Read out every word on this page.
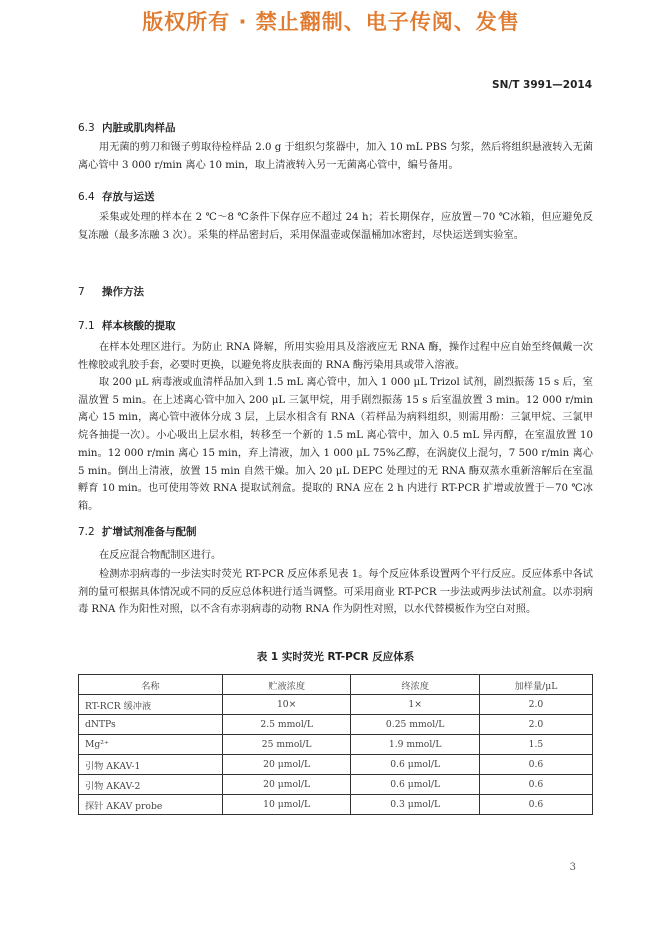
版权所有 · 禁止翻制、电子传阅、发售
SN/T 3991—2014
6.3 内脏或肌肉样品

用无菌的剪刀和镊子剪取待检样品 2.0 g 于组织匀浆器中，加入 10 mL PBS 匀浆，然后将组织悬液转入无菌离心管中 3 000 r/min 离心 10 min，取上清液转入另一无菌离心管中，编号备用。

6.4 存放与运送

采集或处理的样本在 2 ℃～8 ℃条件下保存应不超过 24 h；若长期保存，应放置－70 ℃冰箱，但应避免反复冻融（最多冻融 3 次）。采集的样品密封后，采用保温壶或保温桶加冰密封，尽快运送到实验室。

7 操作方法
7.1 样本核酸的提取

在样本处理区进行。为防止 RNA 降解，所用实验用具及溶液应无 RNA 酶，操作过程中应自始至终佩戴一次性橡胶或乳胶手套，必要时更换，以避免将皮肤表面的 RNA 酶污染用具或带入溶液。

取 200 μL 病毒液或血清样品加入到 1.5 mL 离心管中，加入 1 000 μL Trizol 试剂，剧烈振荡 15 s 后，室温放置 5 min。在上述离心管中加入 200 μL 三氯甲烷，用手剧烈振荡 15 s 后室温放置 3 min。12 000 r/min 离心 15 min，离心管中液体分成 3 层，上层水相含有 RNA（若样品为病料组织，则需用酚：三氯甲烷、三氯甲烷各抽提一次）。小心吸出上层水相，转移至一个新的 1.5 mL 离心管中，加入 0.5 mL 异丙醇，在室温放置 10 min。12 000 r/min 离心 15 min，弃上清液，加入 1 000 μL 75%乙醇，在涡旋仪上混匀，7 500 r/min 离心 5 min。倒出上清液，放置 15 min 自然干燥。加入 20 μL DEPC 处理过的无 RNA 酶双蒸水重新溶解后在室温孵育 10 min。也可使用等效 RNA 提取试剂盒。提取的 RNA 应在 2 h 内进行 RT-PCR 扩增或放置于－70 ℃冰箱。

7.2 扩增试剂准备与配制

在反应混合物配制区进行。

检测赤羽病毒的一步法实时荧光 RT-PCR 反应体系见表 1。每个反应体系设置两个平行反应。反应体系中各试剂的量可根据具体情况或不同的反应总体积进行适当调整。可采用商业 RT-PCR 一步法或两步法试剂盒。以赤羽病毒 RNA 作为阳性对照，以不含有赤羽病毒的动物 RNA 作为阴性对照，以水代替模板作为空白对照。

表 1 实时荧光 RT-PCR 反应体系
名称	贮液浓度	终浓度	加样量/μL
RT-RCR 缓冲液	10×	1×	2.0
dNTPs	2.5 mmol/L	0.25 mmol/L	2.0
Mg²⁺	25 mmol/L	1.9 mmol/L	1.5
引物 AKAV-1	20 μmol/L	0.6 μmol/L	0.6
引物 AKAV-2	20 μmol/L	0.6 μmol/L	0.6
探针 AKAV probe	10 μmol/L	0.3 μmol/L	0.6
3
